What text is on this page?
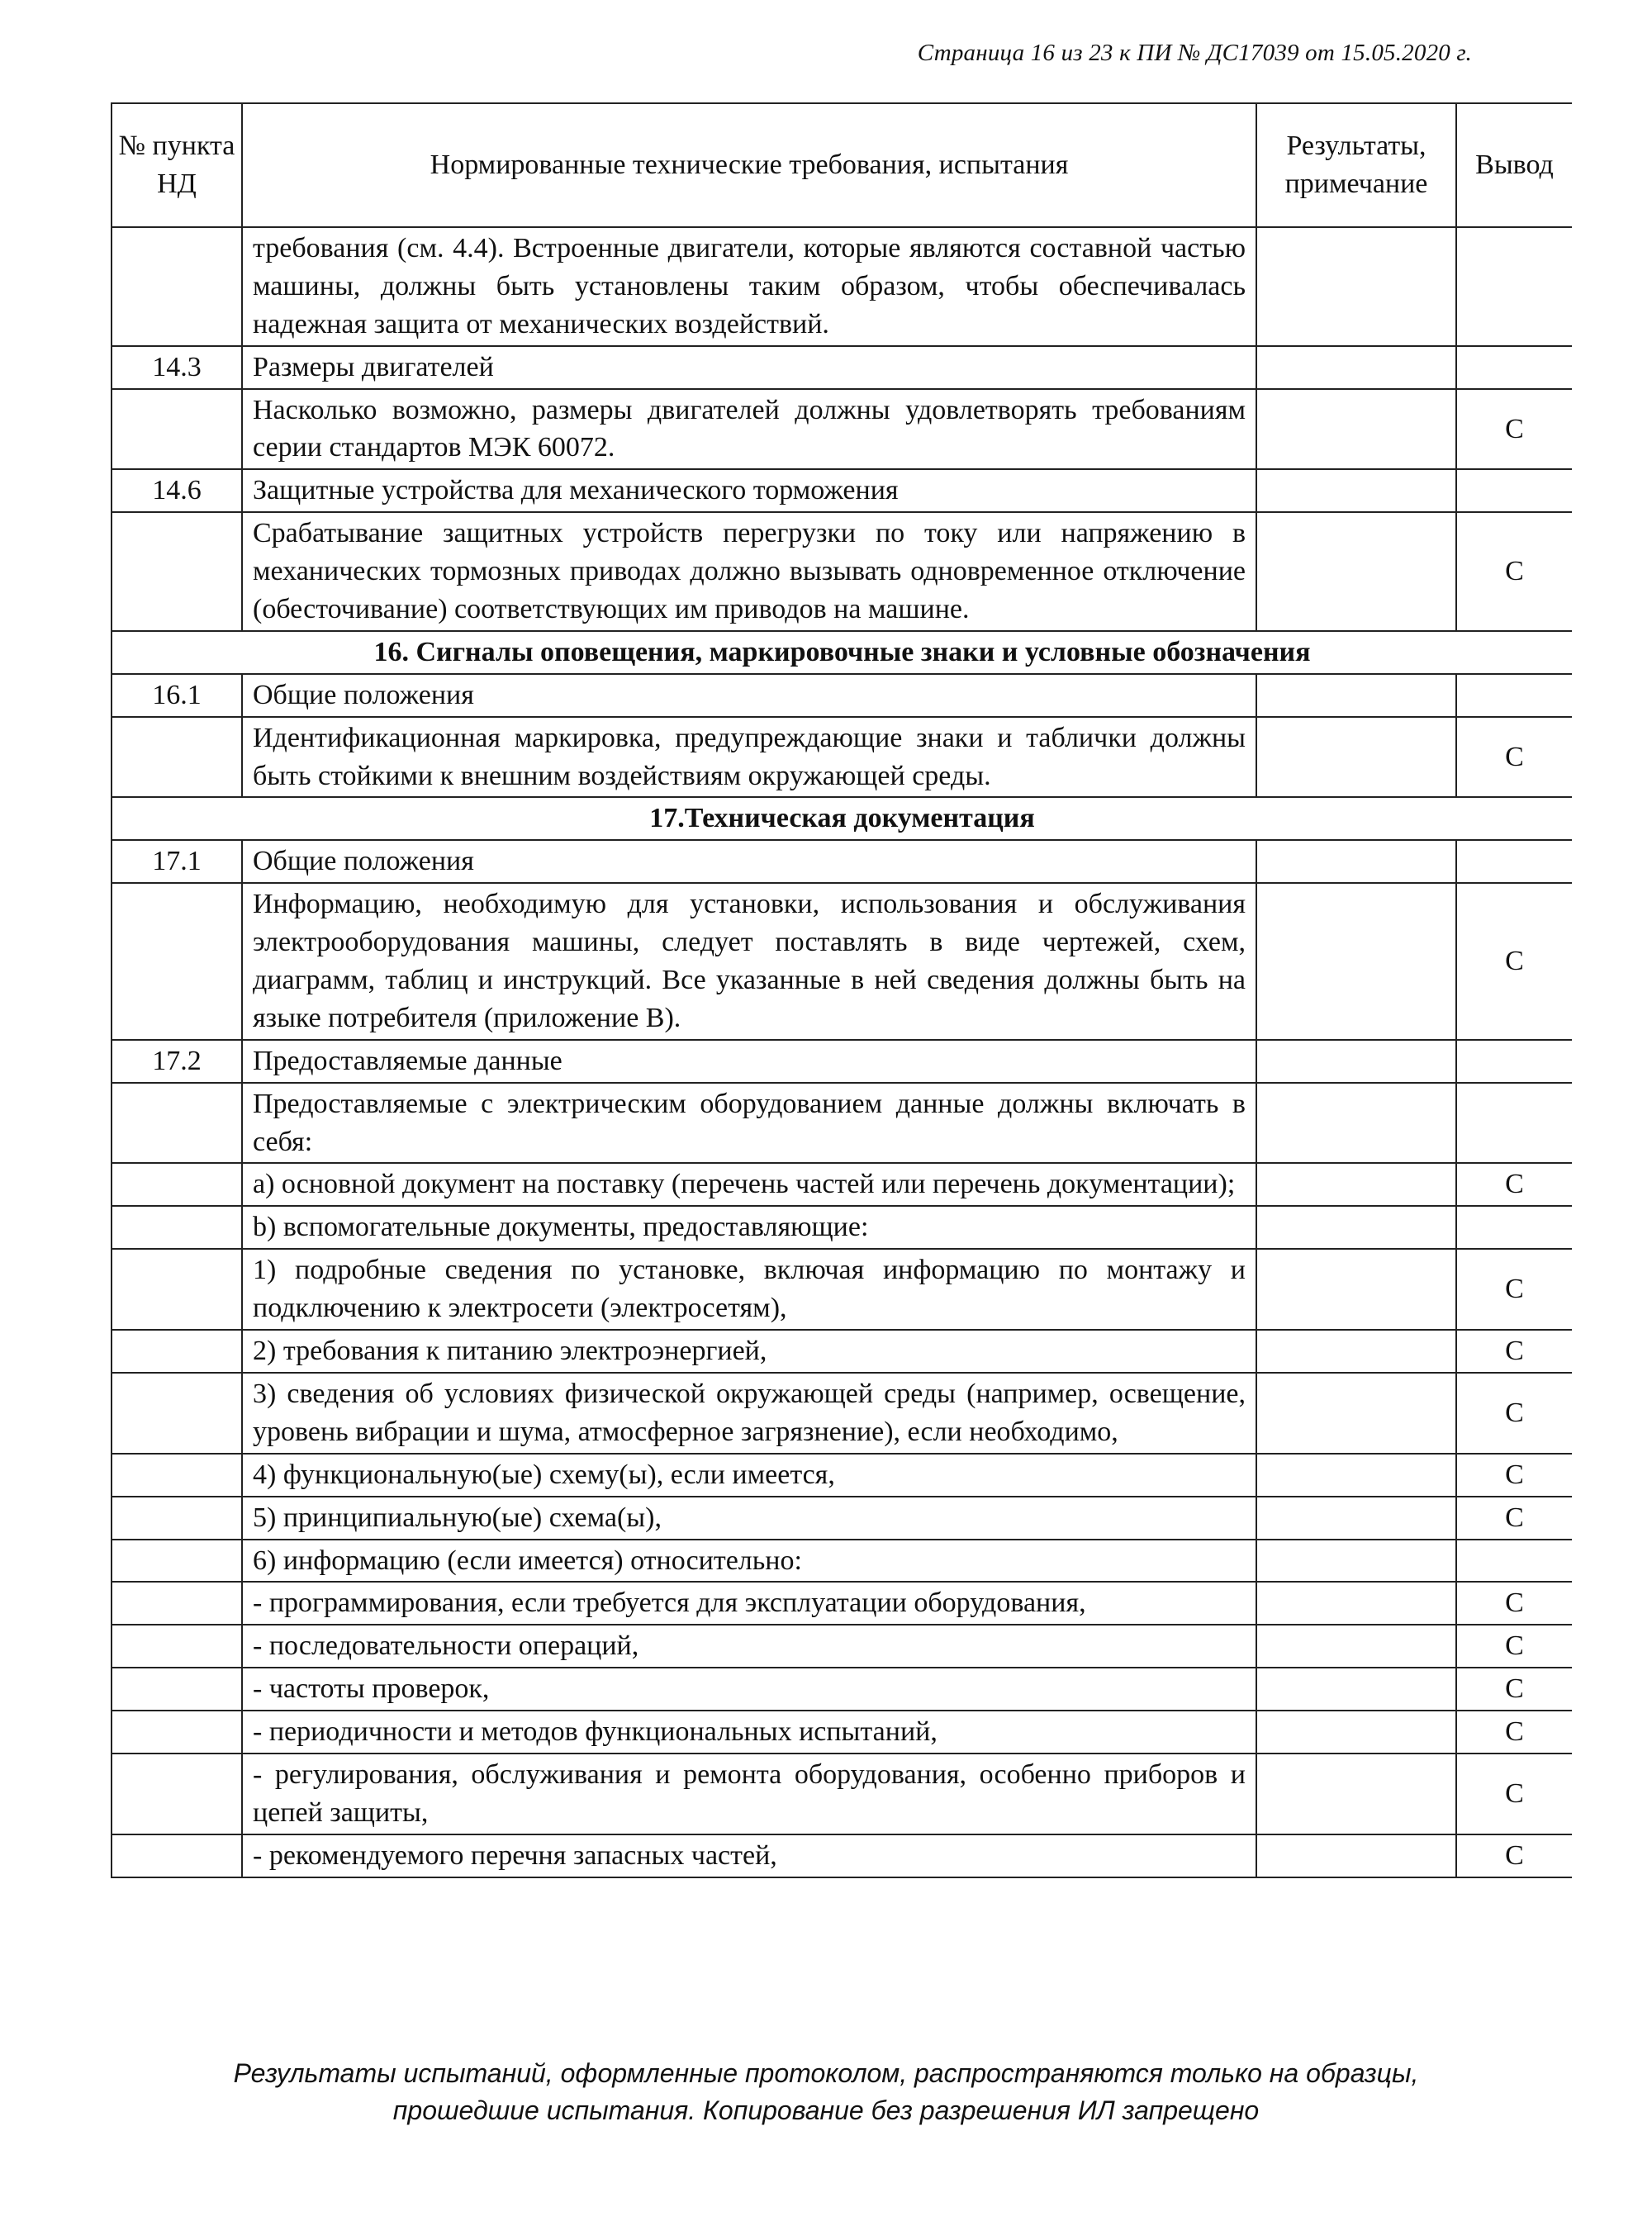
Страница 16 из 23 к ПИ № ДС17039 от 15.05.2020 г.
№ пункта НД	Нормированные технические требования, испытания	Результаты, примечание	Вывод
	требования (см. 4.4). Встроенные двигатели, которые являются составной частью машины, должны быть установлены таким образом, чтобы обеспечивалась надежная защита от механических воздействий.		
14.3	Размеры двигателей		
	Насколько возможно, размеры двигателей должны удовлетворять требованиям серии стандартов МЭК 60072.		С
14.6	Защитные устройства для механического торможения		
	Срабатывание защитных устройств перегрузки по току или напряжению в механических тормозных приводах должно вызывать одновременное отключение (обесточивание) соответствующих им приводов на машине.		С
16. Сигналы оповещения, маркировочные знаки и условные обозначения			
16.1	Общие положения		
	Идентификационная маркировка, предупреждающие знаки и таблички должны быть стойкими к внешним воздействиям окружающей среды.		С
17.Техническая документация			
17.1	Общие положения		
	Информацию, необходимую для установки, использования и обслуживания электрооборудования машины, следует поставлять в виде чертежей, схем, диаграмм, таблиц и инструкций. Все указанные в ней сведения должны быть на языке потребителя (приложение В).		С
17.2	Предоставляемые данные		
	Предоставляемые с электрическим оборудованием данные должны включать в себя:		
	a) основной документ на поставку (перечень частей или перечень документации);		С
	b) вспомогательные документы, предоставляющие:		
	1) подробные сведения по установке, включая информацию по монтажу и подключению к электросети (электросетям),		С
	2) требования к питанию электроэнергией,		С
	3) сведения об условиях физической окружающей среды (например, освещение, уровень вибрации и шума, атмосферное загрязнение), если необходимо,		С
	4) функциональную(ые) схему(ы), если имеется,		С
	5) принципиальную(ые) схема(ы),		С
	6) информацию (если имеется) относительно:		
	- программирования, если требуется для эксплуатации оборудования,		С
	- последовательности операций,		С
	- частоты проверок,		С
	- периодичности и методов функциональных испытаний,		С
	- регулирования, обслуживания и ремонта оборудования, особенно приборов и цепей защиты,		С
	- рекомендуемого перечня запасных частей,		С
Результаты испытаний, оформленные протоколом, распространяются только на образцы,
прошедшие испытания. Копирование без разрешения ИЛ запрещено
